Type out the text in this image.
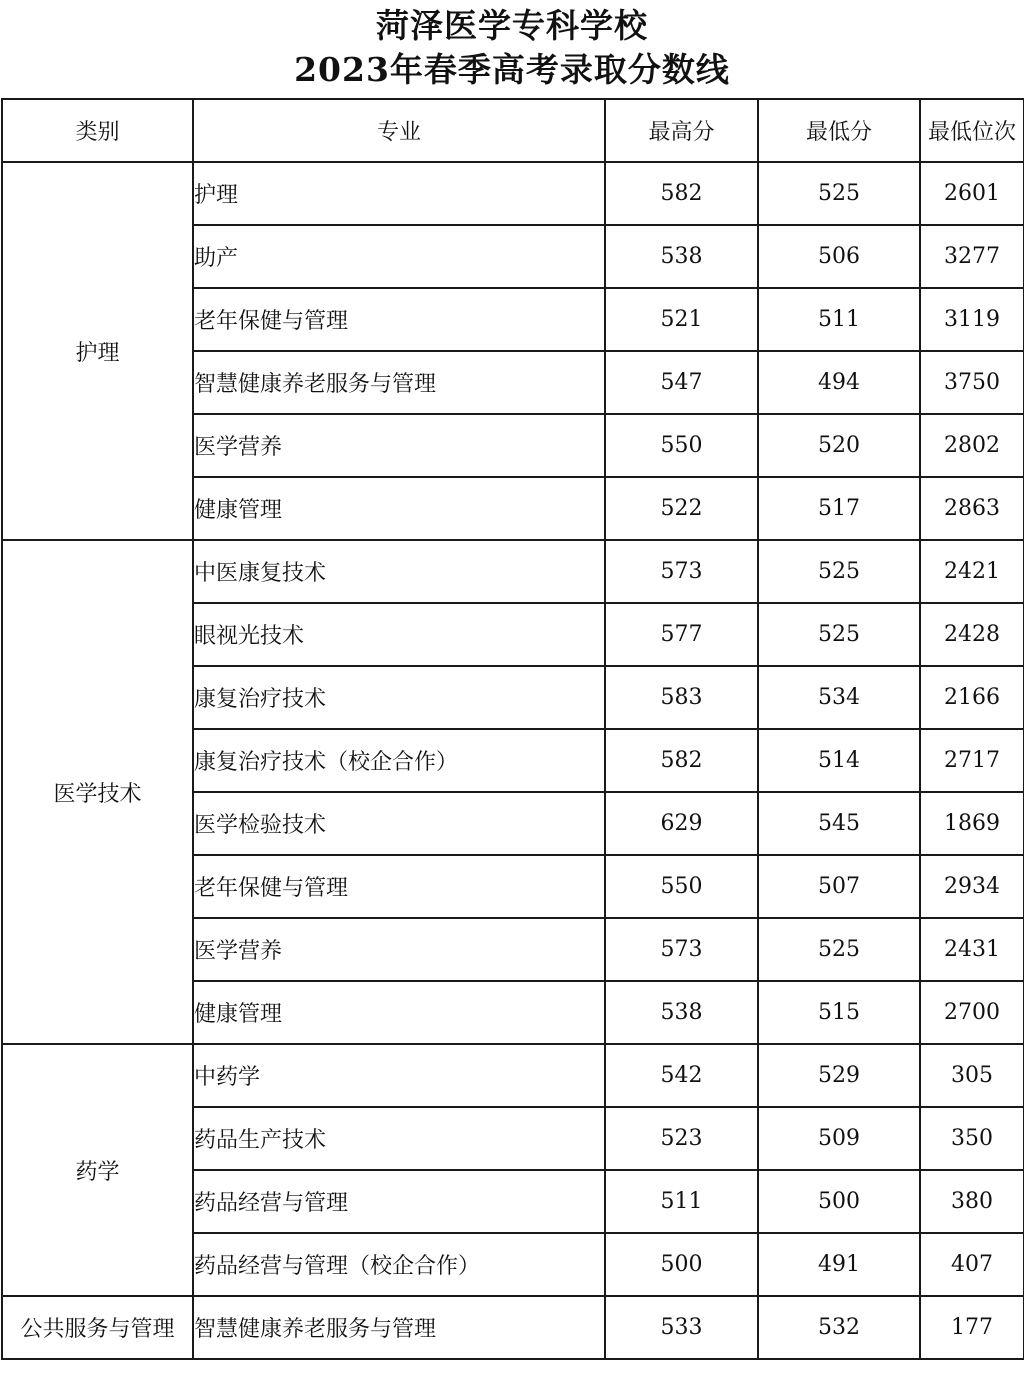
菏泽医学专科学校
2023年春季高考录取分数线
类别	专业	最高分	最低分	最低位次
护理	护理	582	525	2601
	助产	538	506	3277
	老年保健与管理	521	511	3119
	智慧健康养老服务与管理	547	494	3750
	医学营养	550	520	2802
	健康管理	522	517	2863
医学技术	中医康复技术	573	525	2421
	眼视光技术	577	525	2428
	康复治疗技术	583	534	2166
	康复治疗技术（校企合作）	582	514	2717
	医学检验技术	629	545	1869
	老年保健与管理	550	507	2934
	医学营养	573	525	2431
	健康管理	538	515	2700
药学	中药学	542	529	305
	药品生产技术	523	509	350
	药品经营与管理	511	500	380
	药品经营与管理（校企合作）	500	491	407
公共服务与管理	智慧健康养老服务与管理	533	532	177
